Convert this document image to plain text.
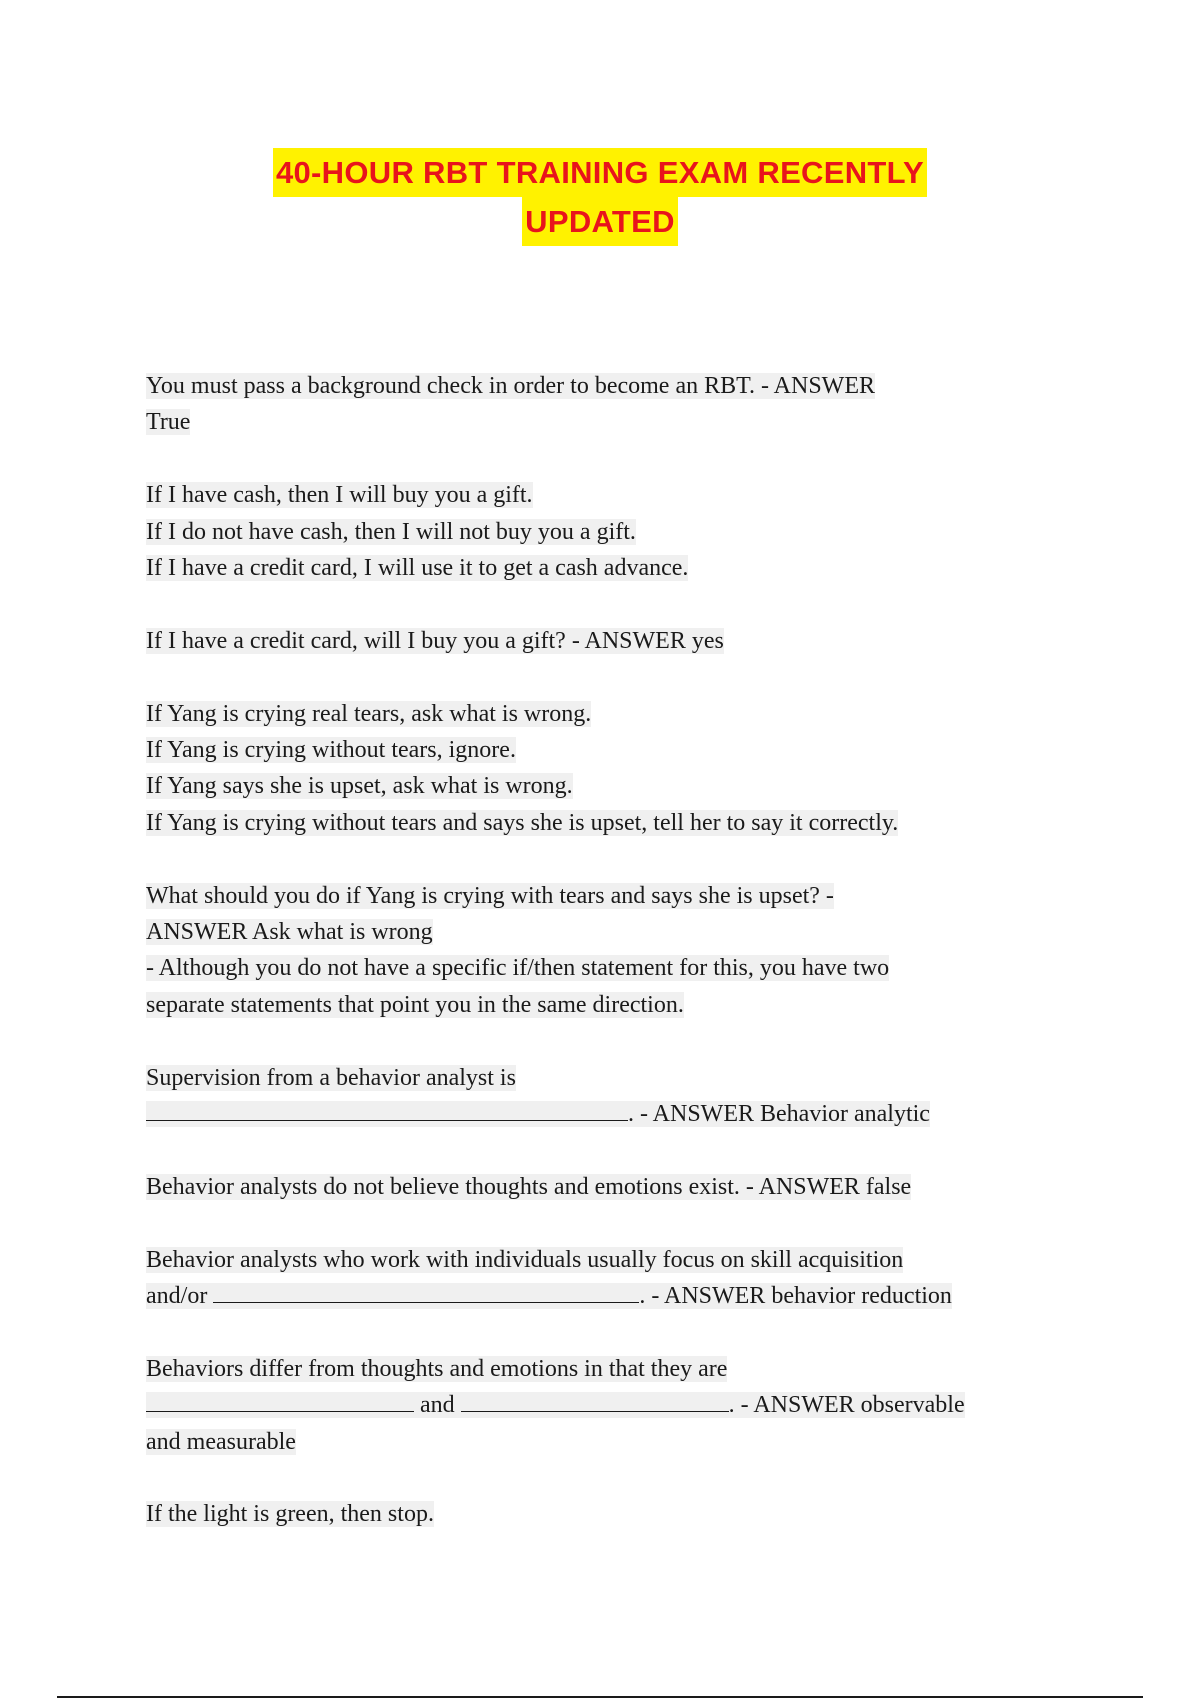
40-HOUR RBT TRAINING EXAM RECENTLY
UPDATED

You must pass a background check in order to become an RBT. - ANSWER

True

If I have cash, then I will buy you a gift.

If I do not have cash, then I will not buy you a gift.

If I have a credit card, I will use it to get a cash advance.

If I have a credit card, will I buy you a gift? - ANSWER yes

If Yang is crying real tears, ask what is wrong.

If Yang is crying without tears, ignore.

If Yang says she is upset, ask what is wrong.

If Yang is crying without tears and says she is upset, tell her to say it correctly.

What should you do if Yang is crying with tears and says she is upset? -

ANSWER Ask what is wrong

- Although you do not have a specific if/then statement for this, you have two

separate statements that point you in the same direction.

Supervision from a behavior analyst is

. - ANSWER Behavior analytic

Behavior analysts do not believe thoughts and emotions exist. - ANSWER false

Behavior analysts who work with individuals usually focus on skill acquisition

and/or	. - ANSWER behavior reduction

Behaviors differ from thoughts and emotions in that they are

and	. - ANSWER observable

and measurable

If the light is green, then stop.
